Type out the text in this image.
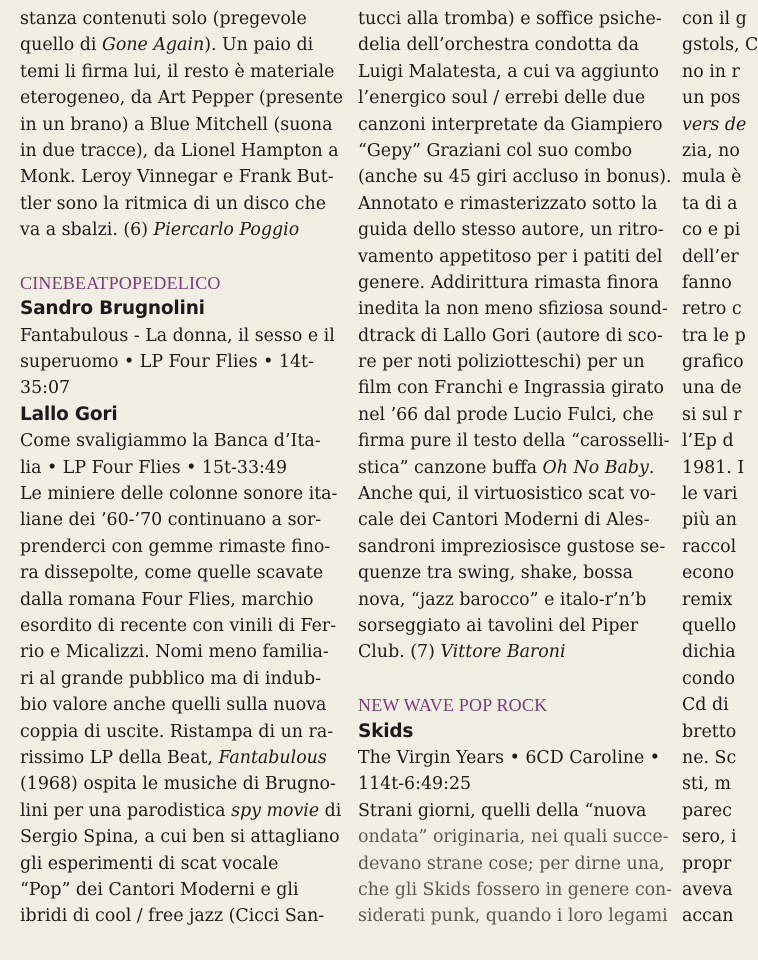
stanza contenuti solo (pregevole
quello di Gone Again). Un paio di
temi li firma lui, il resto è materiale
eterogeneo, da Art Pepper (presente
in un brano) a Blue Mitchell (suona
in due tracce), da Lionel Hampton a
Monk. Leroy Vinnegar e Frank But-
tler sono la ritmica di un disco che
va a sbalzi. (6) Piercarlo Poggio
CINEBEATPOPEDELICO
Sandro Brugnolini
Fantabulous - La donna, il sesso e il
superuomo • LP Four Flies • 14t-
35:07
Lallo Gori
Come svaligiammo la Banca d’Ita-
lia • LP Four Flies • 15t-33:49
Le miniere delle colonne sonore ita-
liane dei ’60-’70 continuano a sor-
prenderci con gemme rimaste fino-
ra dissepolte, come quelle scavate
dalla romana Four Flies, marchio
esordito di recente con vinili di Fer-
rio e Micalizzi. Nomi meno familia-
ri al grande pubblico ma di indub-
bio valore anche quelli sulla nuova
coppia di uscite. Ristampa di un ra-
rissimo LP della Beat, Fantabulous
(1968) ospita le musiche di Brugno-
lini per una parodistica spy movie di
Sergio Spina, a cui ben si attagliano
gli esperimenti di scat vocale
“Pop” dei Cantori Moderni e gli
ibridi di cool / free jazz (Cicci San-
tucci alla tromba) e soffice psiche-
delia dell’orchestra condotta da
Luigi Malatesta, a cui va aggiunto
l’energico soul / errebi delle due
canzoni interpretate da Giampiero
“Gepy” Graziani col suo combo
(anche su 45 giri accluso in bonus).
Annotato e rimasterizzato sotto la
guida dello stesso autore, un ritro-
vamento appetitoso per i patiti del
genere. Addirittura rimasta finora
inedita la non meno sfiziosa sound-
dtrack di Lallo Gori (autore di sco-
re per noti poliziotteschi) per un
film con Franchi e Ingrassia girato
nel ’66 dal prode Lucio Fulci, che
firma pure il testo della “carosselli-
stica” canzone buffa Oh No Baby.
Anche qui, il virtuosistico scat vo-
cale dei Cantori Moderni di Ales-
sandroni impreziosisce gustose se-
quenze tra swing, shake, bossa
nova, “jazz barocco” e italo-r’n’b
sorseggiato ai tavolini del Piper
Club. (7) Vittore Baroni
NEW WAVE POP ROCK
Skids
The Virgin Years • 6CD Caroline •
114t-6:49:25
Strani giorni, quelli della “nuova
ondata” originaria, nei quali succe-
devano strane cose; per dirne una,
che gli Skids fossero in genere con-
siderati punk, quando i loro legami
con il g
gstols, C
no in r
un pos
vers de
zia, no
mula è
ta di a
co e pi
dell’er
fanno
retro c
tra le p
grafico
una de
si sul r
l’Ep d
1981. I
le vari
più an
raccol
econo
remix
quello
dichia
condo
Cd di
bretto
ne. Sc
sti, m
parec
sero, i
propr
aveva
accan
